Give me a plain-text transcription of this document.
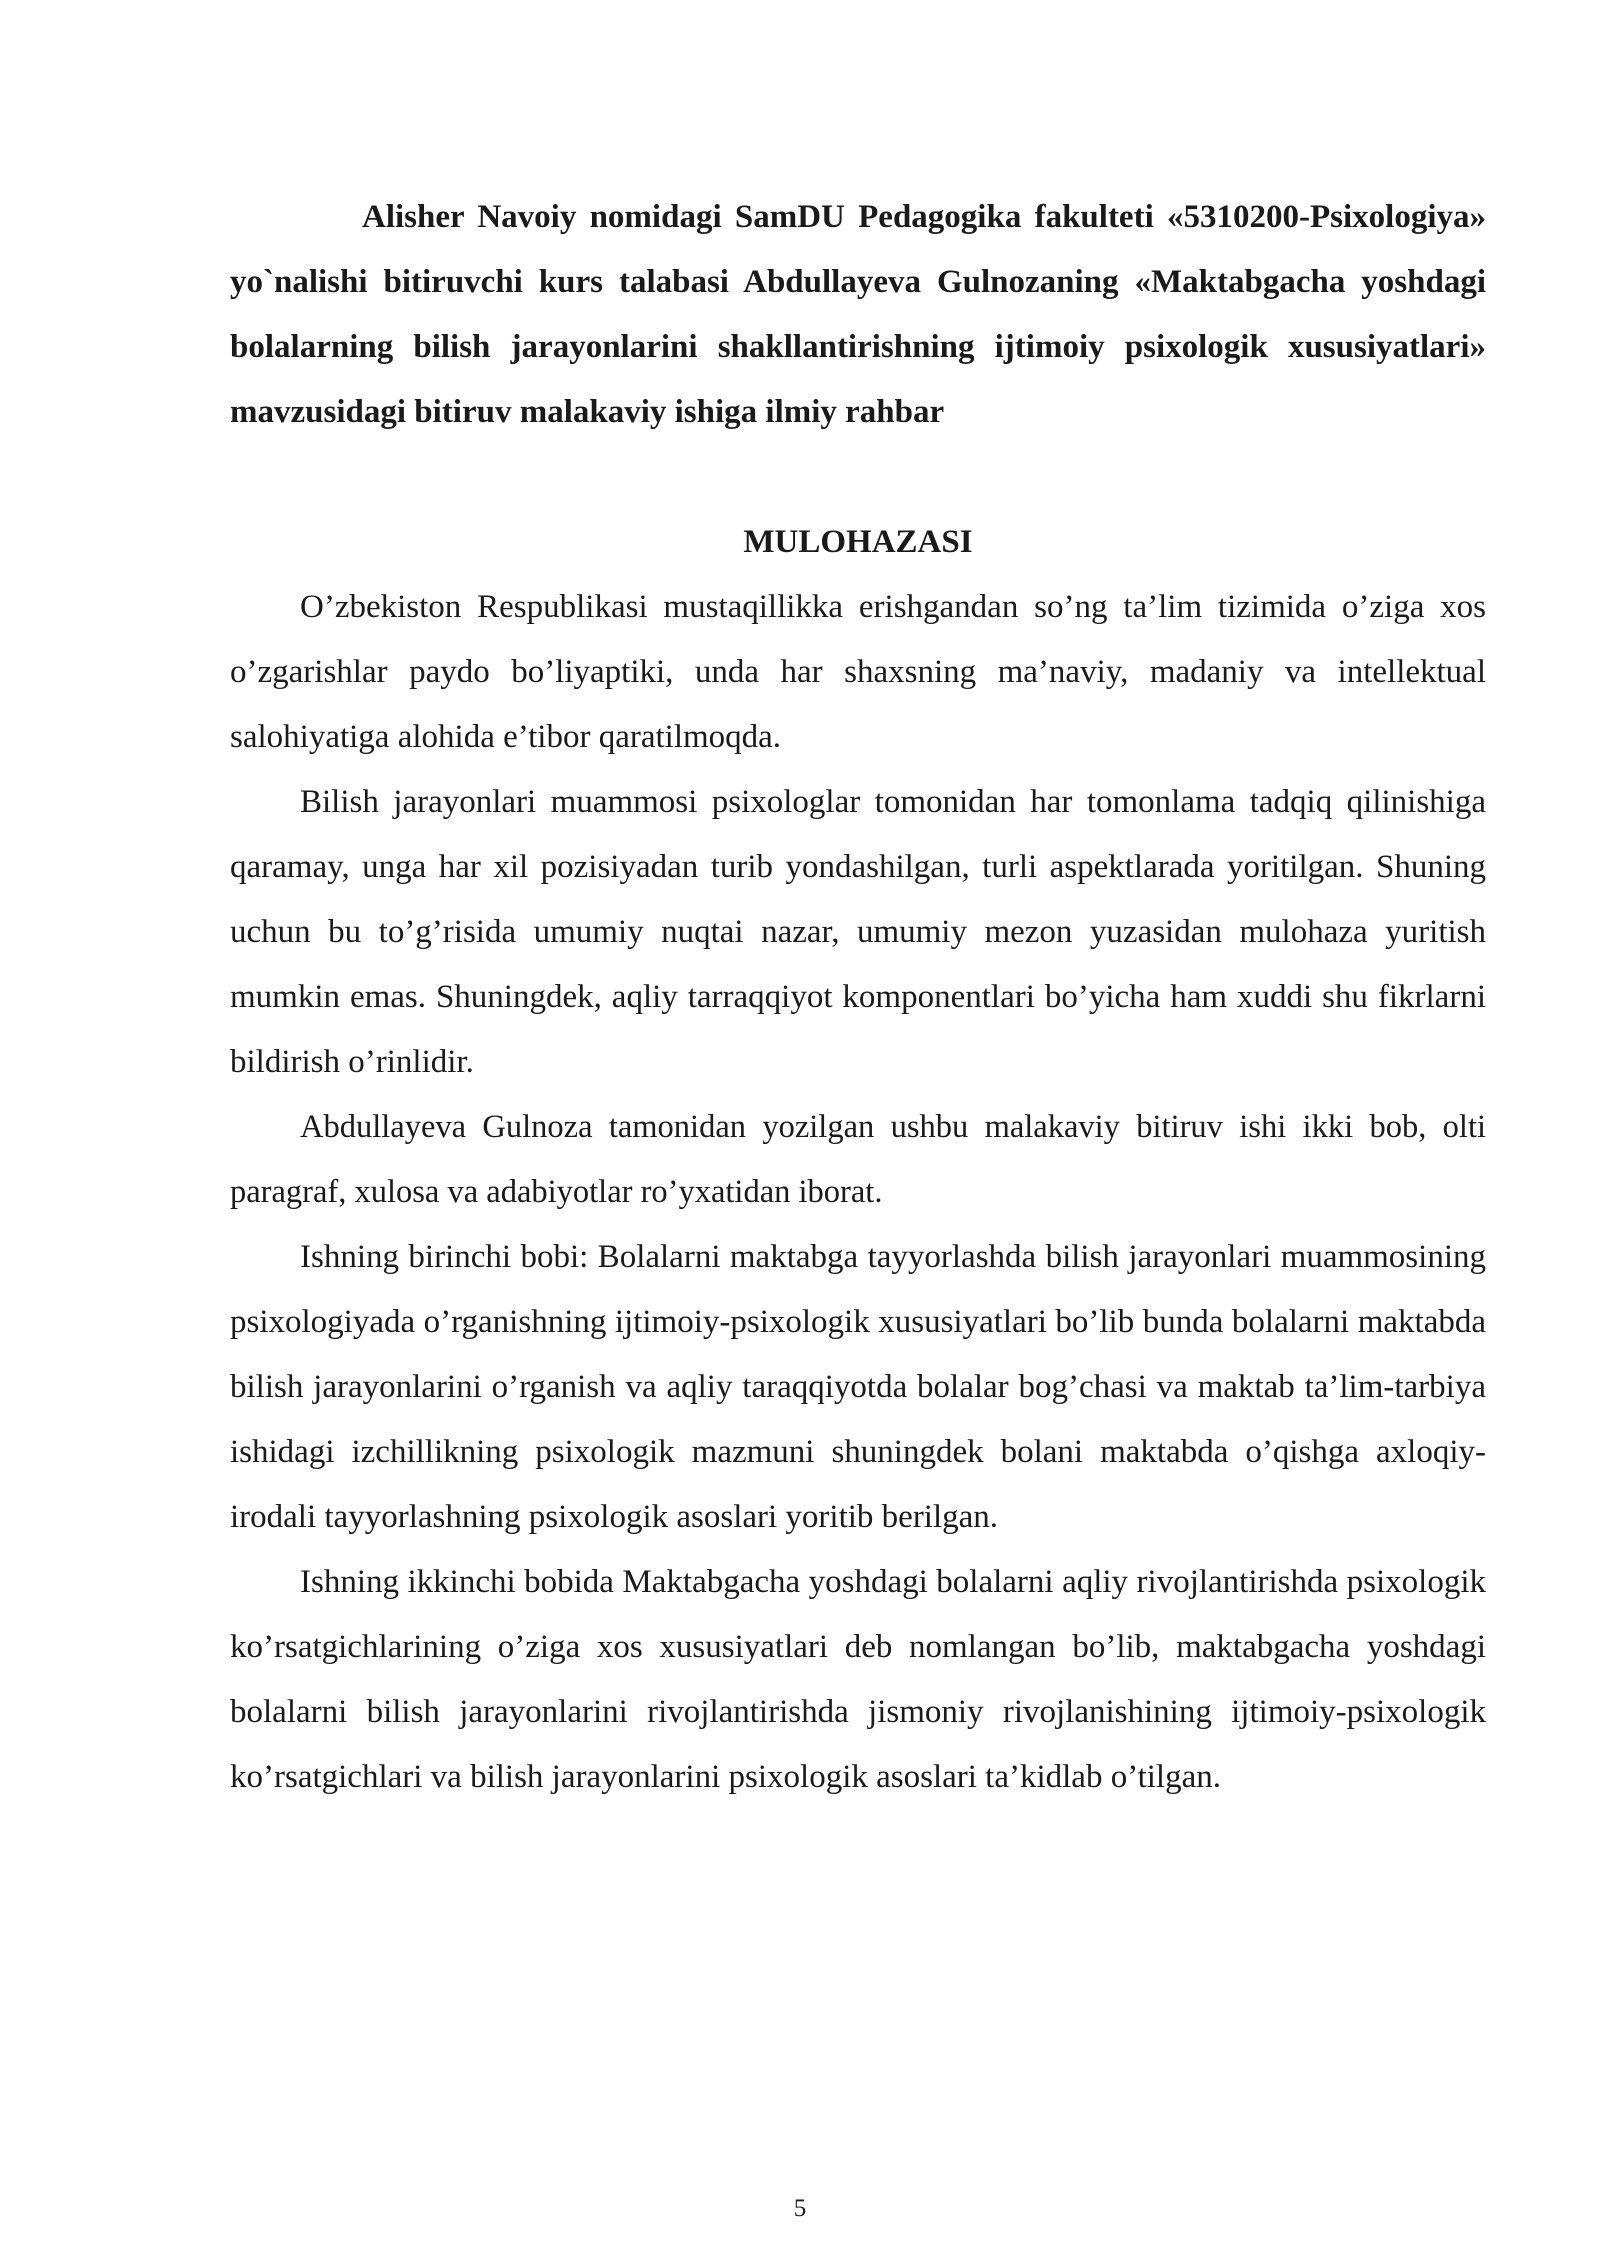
Alisher Navoiy nomidagi SamDU Pedagogika fakulteti «5310200-Psixologiya» yo`nalishi bitiruvchi kurs talabasi Abdullayeva Gulnozaning «Maktabgacha yoshdagi bolalarning bilish jarayonlarini shakllantirishning ijtimoiy psixologik xususiyatlari» mavzusidagi bitiruv malakaviy ishiga ilmiy rahbar
MULOHAZASI

O’zbekiston Respublikasi mustaqillikka erishgandan so’ng ta’lim tizimida o’ziga xos o’zgarishlar paydo bo’liyaptiki, unda har shaxsning ma’naviy, madaniy va intellektual salohiyatiga alohida e’tibor qaratilmoqda.

Bilish jarayonlari muammosi psixologlar tomonidan har tomonlama tadqiq qilinishiga qaramay, unga har xil pozisiyadan turib yondashilgan, turli aspektlarada yoritilgan. Shuning uchun bu to’g’risida umumiy nuqtai nazar, umumiy mezon yuzasidan mulohaza yuritish mumkin emas. Shuningdek, aqliy tarraqqiyot komponentlari bo’yicha ham xuddi shu fikrlarni bildirish o’rinlidir.

Abdullayeva Gulnoza tamonidan yozilgan ushbu malakaviy bitiruv ishi ikki bob, olti paragraf, xulosa va adabiyotlar ro’yxatidan iborat.

Ishning birinchi bobi: Bolalarni maktabga tayyorlashda bilish jarayonlari muammosining psixologiyada o’rganishning ijtimoiy-psixologik xususiyatlari bo’lib bunda bolalarni maktabda bilish jarayonlarini o’rganish va aqliy taraqqiyotda bolalar bog’chasi va maktab ta’lim-tarbiya ishidagi izchillikning psixologik mazmuni shuningdek bolani maktabda o’qishga axloqiy-irodali tayyorlashning psixologik asoslari yoritib berilgan.

Ishning ikkinchi bobida Maktabgacha yoshdagi bolalarni aqliy rivojlantirishda psixologik ko’rsatgichlarining o’ziga xos xususiyatlari deb nomlangan bo’lib, maktabgacha yoshdagi bolalarni bilish jarayonlarini rivojlantirishda jismoniy rivojlanishining ijtimoiy-psixologik ko’rsatgichlari va bilish jarayonlarini psixologik asoslari ta’kidlab o’tilgan.

5
